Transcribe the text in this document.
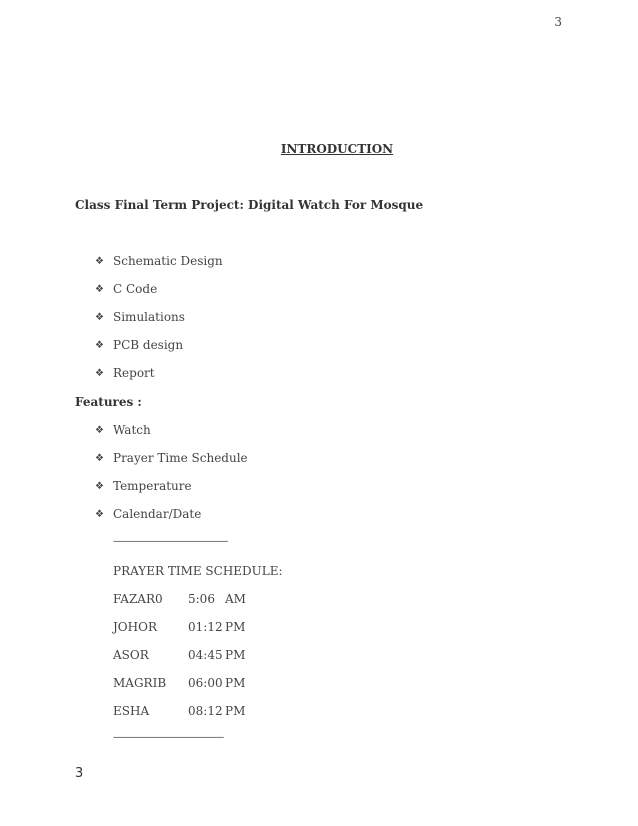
3
INTRODUCTION
Class Final Term Project: Digital Watch For Mosque
❖ Schematic Design
❖ C Code
❖ Simulations
❖ PCB design
❖ Report
Features :
❖ Watch
❖ Prayer Time Schedule
❖ Temperature
❖ Calendar/Date
--------------------------------------------------------
PRAYER TIME SCHEDULE:
FAZAR0 5:06 AM
JOHOR	01:12 PM
ASOR	04:45 PM
MAGRIB 06:00 PM
ESHA	08:12 PM
------------------------------------------------------
3
